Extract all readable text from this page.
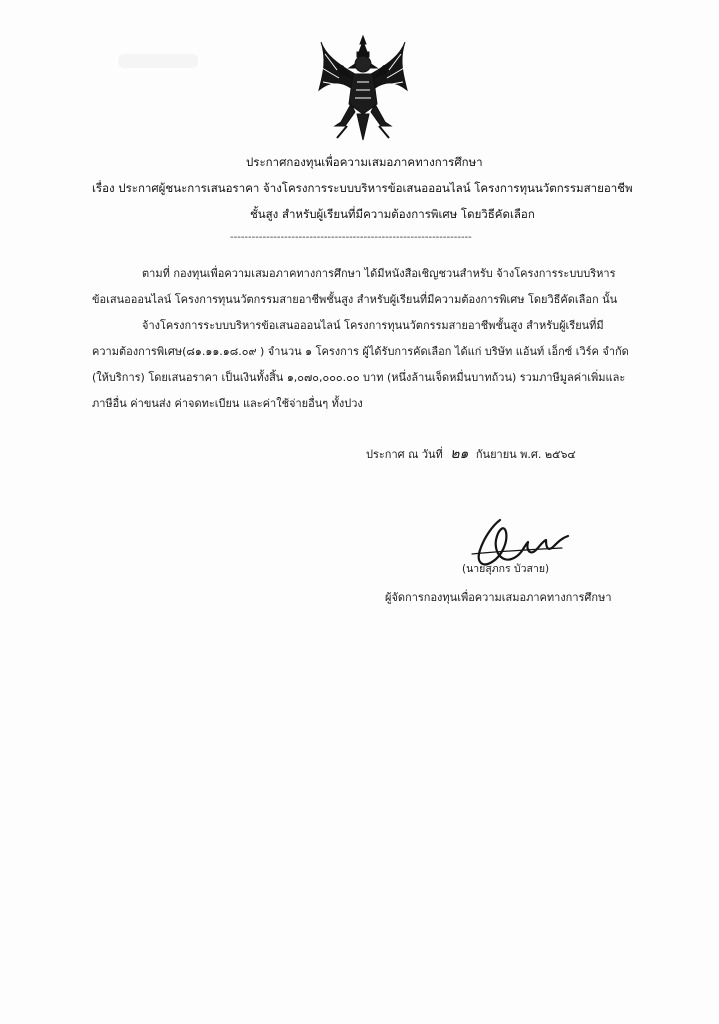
ประกาศกองทุนเพื่อความเสมอภาคทางการศึกษา
เรื่อง ประกาศผู้ชนะการเสนอราคา จ้างโครงการระบบบริหารข้อเสนอออนไลน์ โครงการทุนนวัตกรรมสายอาชีพ
ชั้นสูง สำหรับผู้เรียนที่มีความต้องการพิเศษ โดยวิธีคัดเลือก
-------------------------------------------------------------------
ตามที่ กองทุนเพื่อความเสมอภาคทางการศึกษา ได้มีหนังสือเชิญชวนสำหรับ จ้างโครงการระบบบริหาร
ข้อเสนอออนไลน์ โครงการทุนนวัตกรรมสายอาชีพชั้นสูง สำหรับผู้เรียนที่มีความต้องการพิเศษ โดยวิธีคัดเลือก นั้น
จ้างโครงการระบบบริหารข้อเสนอออนไลน์ โครงการทุนนวัตกรรมสายอาชีพชั้นสูง สำหรับผู้เรียนที่มี
ความต้องการพิเศษ(๘๑.๑๑.๑๘.๐๙ ) จำนวน ๑ โครงการ ผู้ได้รับการคัดเลือก ได้แก่ บริษัท แอ้นท์ เอ็กซ์ เวิร์ค จำกัด
(ให้บริการ) โดยเสนอราคา เป็นเงินทั้งสิ้น ๑,๐๗๐,๐๐๐.๐๐ บาท (หนึ่งล้านเจ็ดหมื่นบาทถ้วน) รวมภาษีมูลค่าเพิ่มและ
ภาษีอื่น ค่าขนส่ง ค่าจดทะเบียน และค่าใช้จ่ายอื่นๆ ทั้งปวง
ประกาศ ณ วันที่ ๒๑ กันยายน พ.ศ. ๒๕๖๔
(นายสุภกร บัวสาย)
ผู้จัดการกองทุนเพื่อความเสมอภาคทางการศึกษา
